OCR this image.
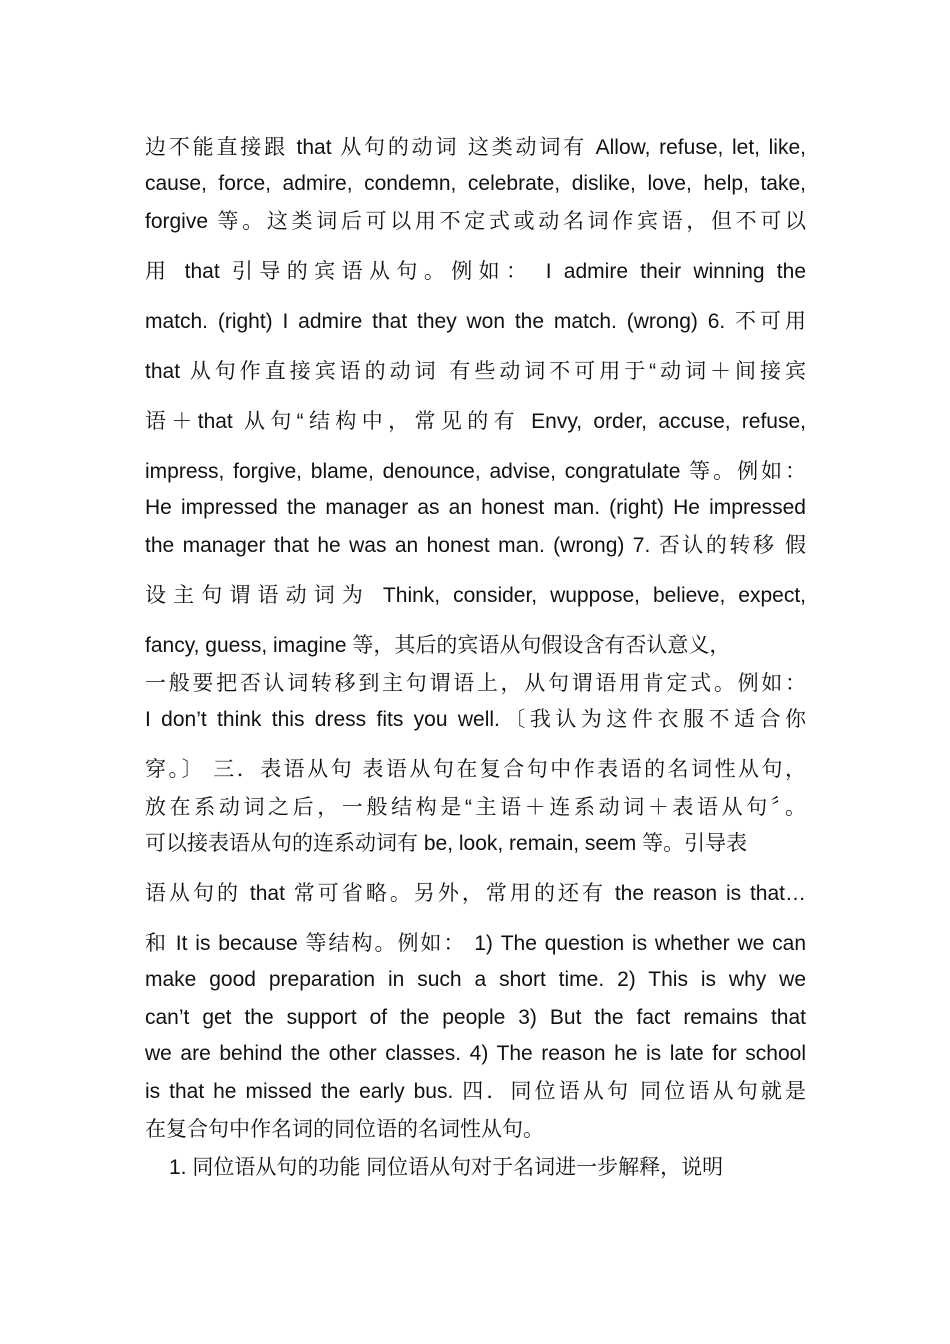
边不能直接跟 that 从句的动词 这类动词有 Allow, refuse, let, like,
cause, force, admire, condemn, celebrate, dislike, love, help, take,
forgive 等。这类词后可以用不定式或动名词作宾语，但不可以
用 that 引导的宾语从句。例如： I admire their winning the
match. (right) I admire that they won the match. (wrong) 6. 不可用
that 从句作直接宾语的动词 有些动词不可用于“动词＋间接宾
语＋that 从句“结构中，常见的有 Envy, order, accuse, refuse,
impress, forgive, blame, denounce, advise, congratulate 等。例如：
He impressed the manager as an honest man. (right) He impressed
the manager that he was an honest man. (wrong) 7. 否认的转移 假
设主句谓语动词为 Think, consider, wuppose, believe, expect,
fancy, guess, imagine 等，其后的宾语从句假设含有否认意义，
一般要把否认词转移到主句谓语上，从句谓语用肯定式。例如：
I don’t think this dress fits you well.〔我认为这件衣服不适合你
穿。〕 三．表语从句 表语从句在复合句中作表语的名词性从句，
放在系动词之后，一般结构是“主语＋连系动词＋表语从句〞。
可以接表语从句的连系动词有 be, look, remain, seem 等。引导表
语从句的 that 常可省略。另外，常用的还有 the reason is that…
和 It is because 等结构。例如： 1) The question is whether we can
make good preparation in such a short time. 2) This is why we
can’t get the support of the people 3) But the fact remains that
we are behind the other classes. 4) The reason he is late for school
is that he missed the early bus. 四．同位语从句 同位语从句就是
在复合句中作名词的同位语的名词性从句。
1. 同位语从句的功能 同位语从句对于名词进一步解释，说明
